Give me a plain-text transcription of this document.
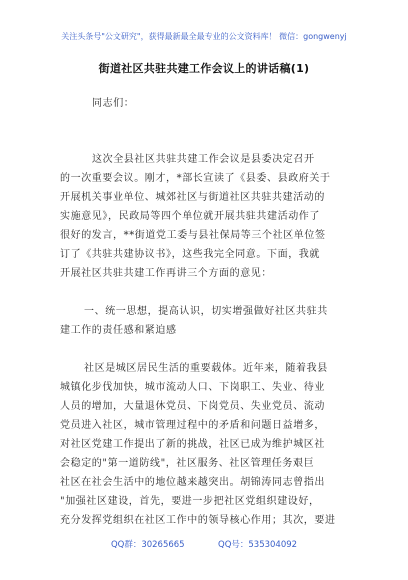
关注头条号"公文研究"，获得最新最全最专业的公文资料库！ 微信：gongwenyj
街道社区共驻共建工作会议上的讲话稿(1)
同志们：
这次全县社区共驻共建工作会议是县委决定召开
的一次重要会议。刚才，*部长宣读了《县委、县政府关于
开展机关事业单位、城郊社区与街道社区共驻共建活动的
实施意见》，民政局等四个单位就开展共驻共建活动作了
很好的发言，**街道党工委与县社保局等三个社区单位签
订了《共驻共建协议书》，这些我完全同意。下面，我就
开展社区共驻共建工作再讲三个方面的意见：
一、统一思想，提高认识，切实增强做好社区共驻共
建工作的责任感和紧迫感
社区是城区居民生活的重要载体。近年来，随着我县
城镇化步伐加快，城市流动人口、下岗职工、失业、待业
人员的增加，大量退休党员、下岗党员、失业党员、流动
党员进入社区，城市管理过程中的矛盾和问题日益增多，
对社区党建工作提出了新的挑战，社区已成为维护城区社
会稳定的"第一道防线"，社区服务、社区管理任务艰巨
社区在社会生活中的地位越来越突出。胡锦涛同志曾指出
"加强社区建设，首先，要进一步把社区党组织建设好，
充分发挥党组织在社区工作中的领导核心作用；其次，要进
QQ群：30265665	QQ号：535304092
